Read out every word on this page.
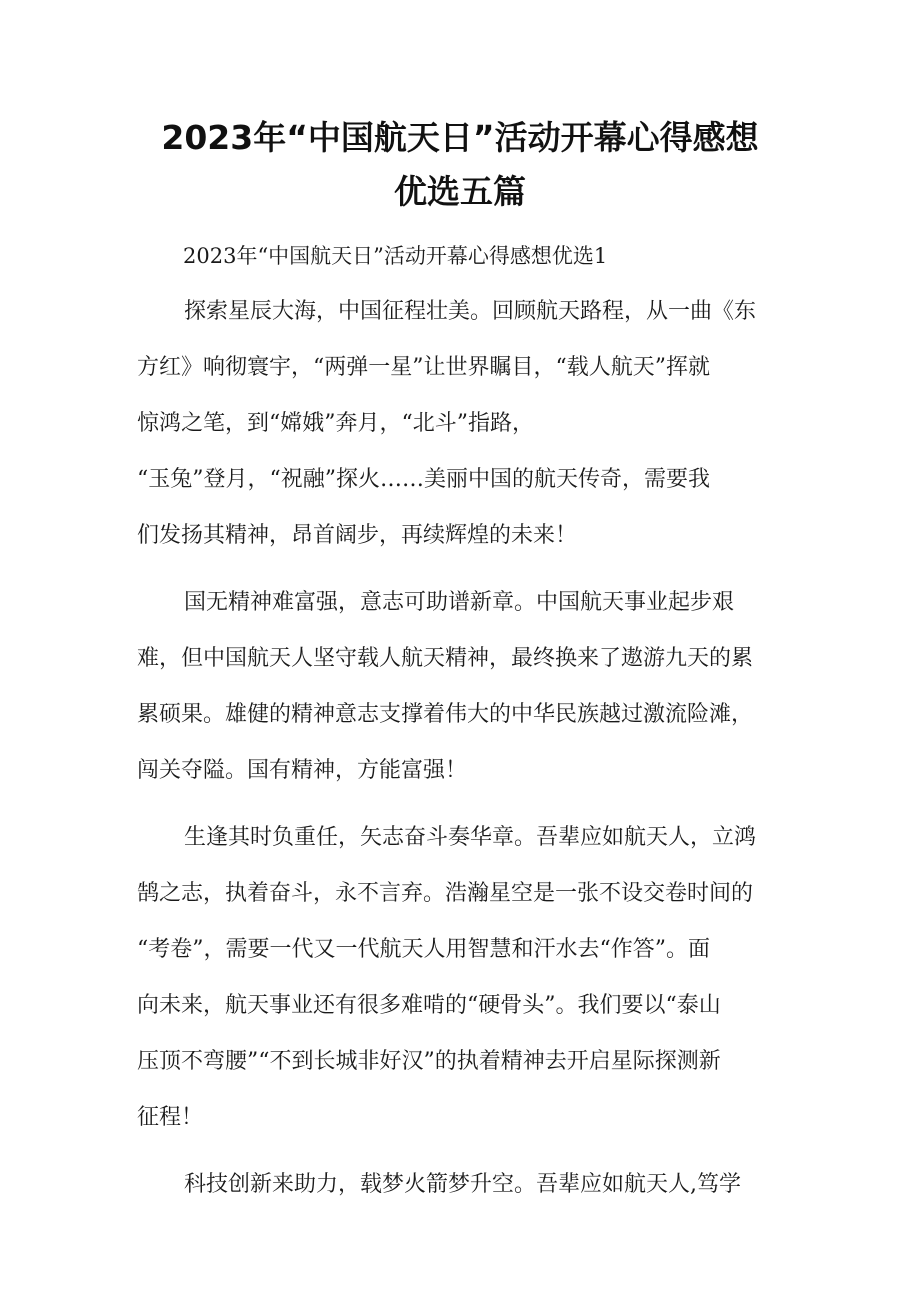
2023年“中国航天日”活动开幕心得感想
优选五篇

2023年“中国航天日”活动开幕心得感想优选1

探索星辰大海，中国征程壮美。回顾航天路程，从一曲《东

方红》响彻寰宇，“两弹一星”让世界瞩目，“载人航天”挥就

惊鸿之笔，到“嫦娥”奔月，“北斗”指路，

“玉兔”登月，“祝融”探火……美丽中国的航天传奇，需要我

们发扬其精神，昂首阔步，再续辉煌的未来！

国无精神难富强，意志可助谱新章。中国航天事业起步艰

难，但中国航天人坚守载人航天精神，最终换来了遨游九天的累

累硕果。雄健的精神意志支撑着伟大的中华民族越过激流险滩，

闯关夺隘。国有精神，方能富强！

生逢其时负重任，矢志奋斗奏华章。吾辈应如航天人，立鸿

鹄之志，执着奋斗，永不言弃。浩瀚星空是一张不设交卷时间的

“考卷”，需要一代又一代航天人用智慧和汗水去“作答”。面

向未来，航天事业还有很多难啃的“硬骨头”。我们要以“泰山

压顶不弯腰”“不到长城非好汉”的执着精神去开启星际探测新

征程！

科技创新来助力，载梦火箭梦升空。吾辈应如航天人,笃学
